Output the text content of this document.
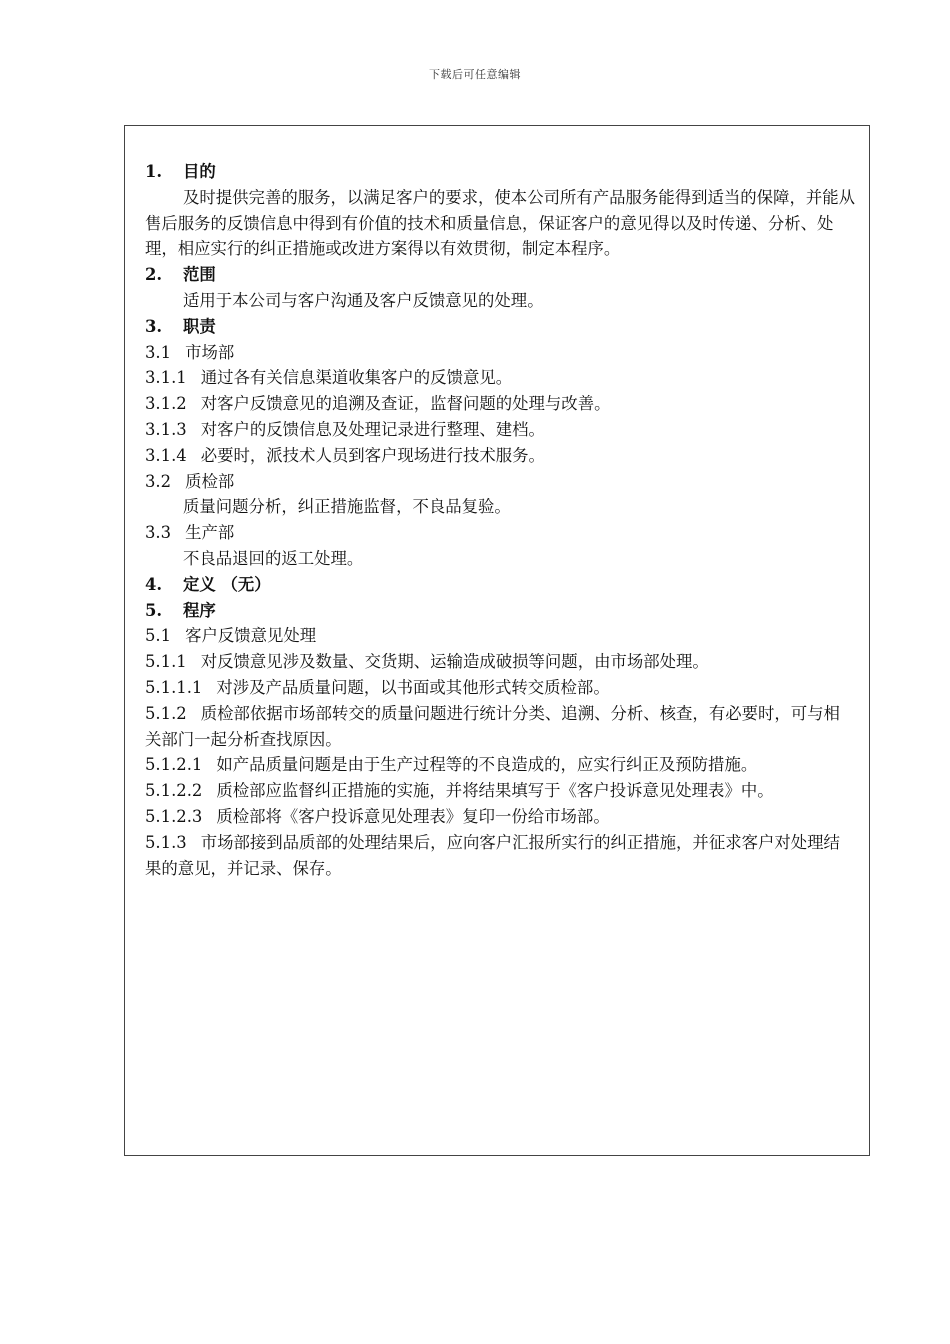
下载后可任意编辑

1. 目的

及时提供完善的服务，以满足客户的要求，使本公司所有产品服务能得到适当的保障，并能从售后服务的反馈信息中得到有价值的技术和质量信息，保证客户的意见得以及时传递、分析、处理，相应实行的纠正措施或改进方案得以有效贯彻，制定本程序。

2. 范围

适用于本公司与客户沟通及客户反馈意见的处理。

3. 职责

3.1 市场部

3.1.1 通过各有关信息渠道收集客户的反馈意见。

3.1.2 对客户反馈意见的追溯及查证，监督问题的处理与改善。

3.1.3 对客户的反馈信息及处理记录进行整理、建档。

3.1.4 必要时，派技术人员到客户现场进行技术服务。

3.2 质检部

质量问题分析，纠正措施监督，不良品复验。

3.3 生产部

不良品退回的返工处理。

4. 定义 （无）

5. 程序

5.1 客户反馈意见处理

5.1.1 对反馈意见涉及数量、交货期、运输造成破损等问题，由市场部处理。

5.1.1.1 对涉及产品质量问题，以书面或其他形式转交质检部。

5.1.2 质检部依据市场部转交的质量问题进行统计分类、追溯、分析、核查，有必要时，可与相关部门一起分析查找原因。

5.1.2.1 如产品质量问题是由于生产过程等的不良造成的，应实行纠正及预防措施。

5.1.2.2 质检部应监督纠正措施的实施，并将结果填写于《客户投诉意见处理表》中。

5.1.2.3 质检部将《客户投诉意见处理表》复印一份给市场部。

5.1.3 市场部接到品质部的处理结果后，应向客户汇报所实行的纠正措施，并征求客户对处理结果的意见，并记录、保存。
